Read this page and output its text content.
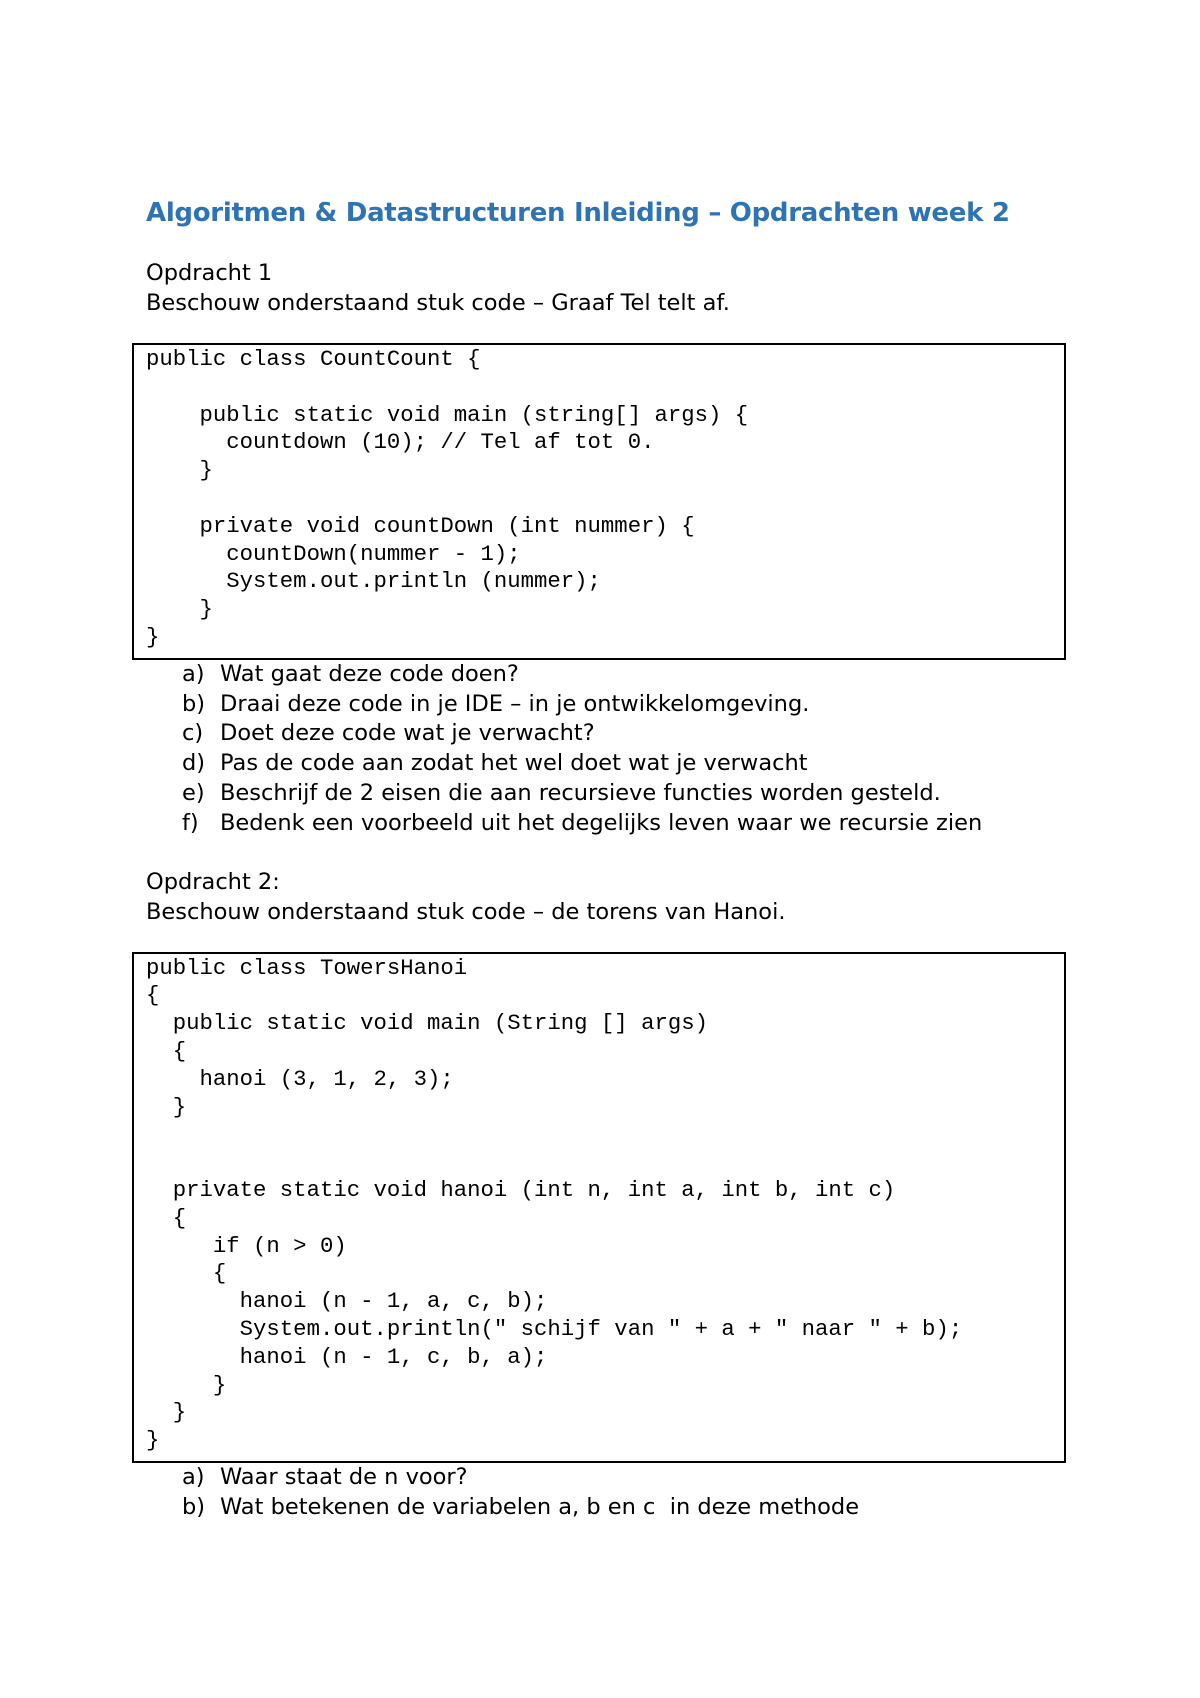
Algoritmen & Datastructuren Inleiding – Opdrachten week 2

Opdracht 1

Beschouw onderstaand stuk code – Graaf Tel telt af.

public class CountCount {

public static void main (string[] args) {
countdown (10); // Tel af tot 0.
}

private void countDown (int nummer) {
countDown(nummer - 1);
System.out.println (nummer);
}
}
a) Wat gaat deze code doen?
b) Draai deze code in je IDE – in je ontwikkelomgeving.
c) Doet deze code wat je verwacht?
d) Pas de code aan zodat het wel doet wat je verwacht
e) Beschrijf de 2 eisen die aan recursieve functies worden gesteld.
f) Bedenk een voorbeeld uit het degelijks leven waar we recursie zien

Opdracht 2:

Beschouw onderstaand stuk code – de torens van Hanoi.

public class TowersHanoi
{
public static void main (String [] args)
{
hanoi (3, 1, 2, 3);
}

private static void hanoi (int n, int a, int b, int c)
{
if (n > 0)
{
hanoi (n - 1, a, c, b);
System.out.println(" schijf van " + a + " naar " + b);
hanoi (n - 1, c, b, a);
}
}
}
a) Waar staat de n voor?
b) Wat betekenen de variabelen a, b en c  in deze methode
